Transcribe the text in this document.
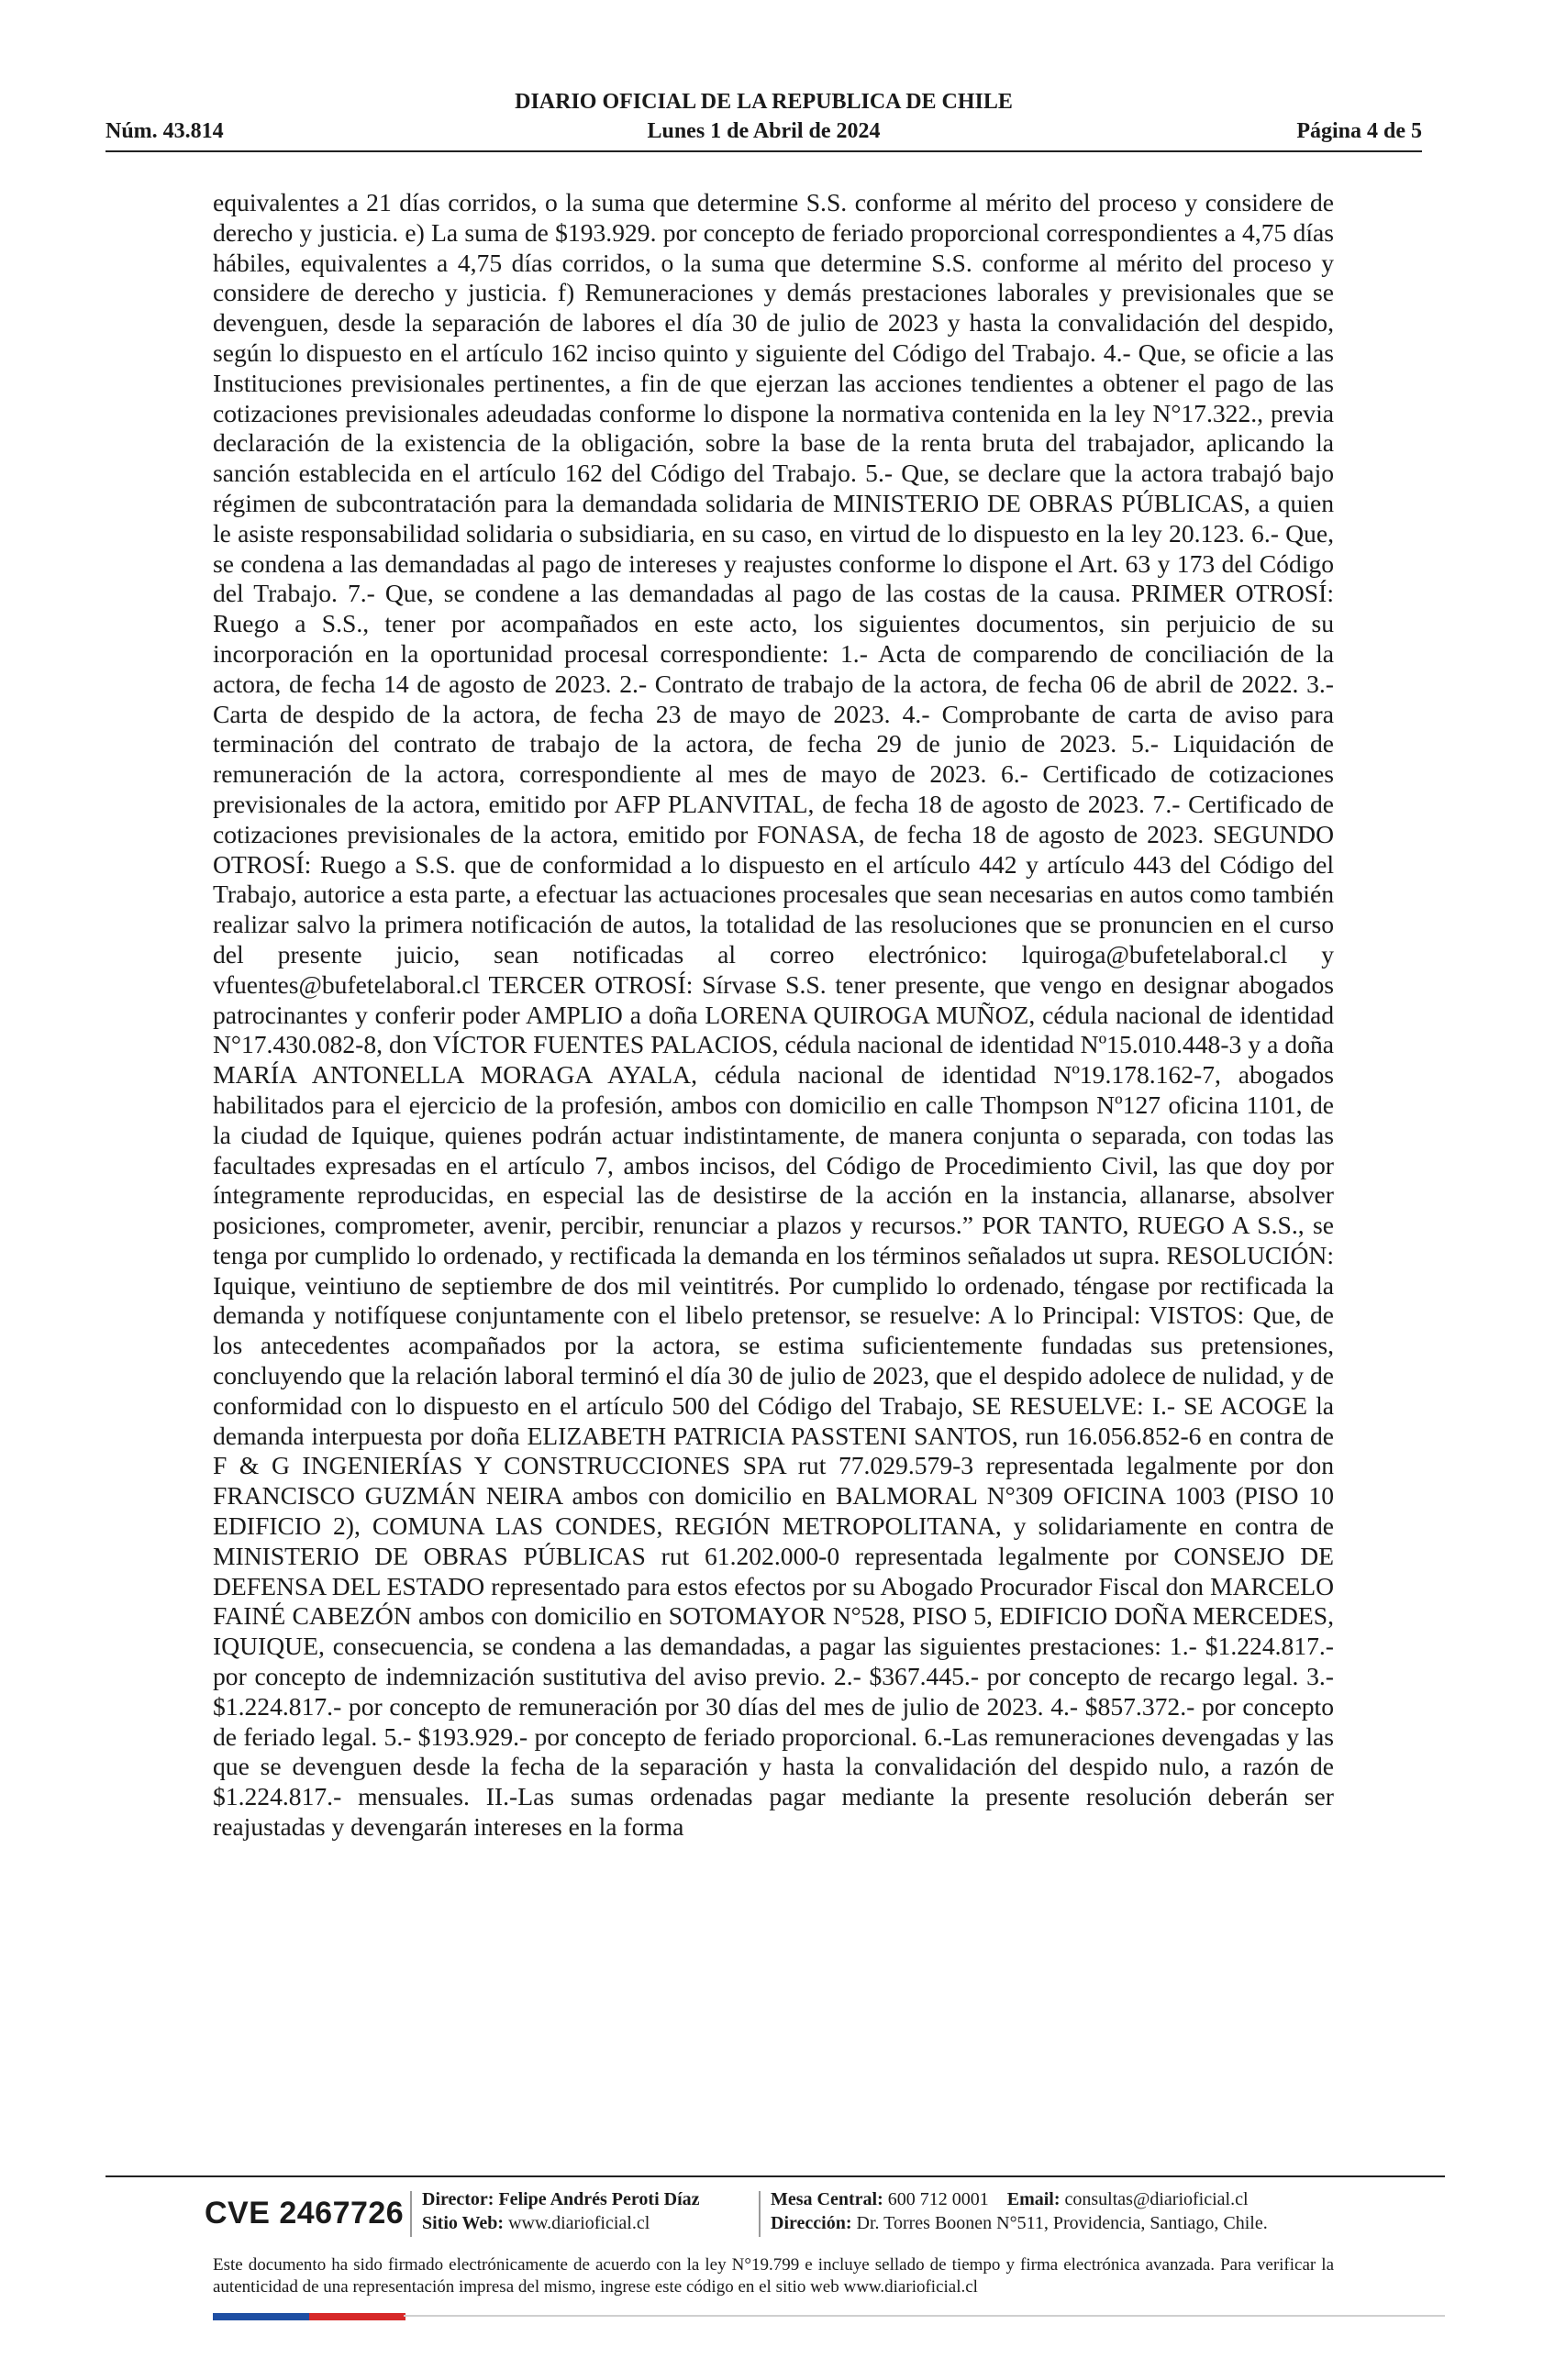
DIARIO OFICIAL DE LA REPUBLICA DE CHILE
Núm. 43.814	Lunes 1 de Abril de 2024	Página 4 de 5

equivalentes a 21 días corridos, o la suma que determine S.S. conforme al mérito del proceso y considere de derecho y justicia. e) La suma de $193.929. por concepto de feriado proporcional correspondientes a 4,75 días hábiles, equivalentes a 4,75 días corridos, o la suma que determine S.S. conforme al mérito del proceso y considere de derecho y justicia. f) Remuneraciones y demás prestaciones laborales y previsionales que se devenguen, desde la separación de labores el día 30 de julio de 2023 y hasta la convalidación del despido, según lo dispuesto en el artículo 162 inciso quinto y siguiente del Código del Trabajo. 4.- Que, se oficie a las Instituciones previsionales pertinentes, a fin de que ejerzan las acciones tendientes a obtener el pago de las cotizaciones previsionales adeudadas conforme lo dispone la normativa contenida en la ley N°17.322., previa declaración de la existencia de la obligación, sobre la base de la renta bruta del trabajador, aplicando la sanción establecida en el artículo 162 del Código del Trabajo. 5.- Que, se declare que la actora trabajó bajo régimen de subcontratación para la demandada solidaria de MINISTERIO DE OBRAS PÚBLICAS, a quien le asiste responsabilidad solidaria o subsidiaria, en su caso, en virtud de lo dispuesto en la ley 20.123. 6.- Que, se condena a las demandadas al pago de intereses y reajustes conforme lo dispone el Art. 63 y 173 del Código del Trabajo. 7.- Que, se condene a las demandadas al pago de las costas de la causa. PRIMER OTROSÍ: Ruego a S.S., tener por acompañados en este acto, los siguientes documentos, sin perjuicio de su incorporación en la oportunidad procesal correspondiente: 1.- Acta de comparendo de conciliación de la actora, de fecha 14 de agosto de 2023. 2.- Contrato de trabajo de la actora, de fecha 06 de abril de 2022. 3.- Carta de despido de la actora, de fecha 23 de mayo de 2023. 4.- Comprobante de carta de aviso para terminación del contrato de trabajo de la actora, de fecha 29 de junio de 2023. 5.- Liquidación de remuneración de la actora, correspondiente al mes de mayo de 2023. 6.- Certificado de cotizaciones previsionales de la actora, emitido por AFP PLANVITAL, de fecha 18 de agosto de 2023. 7.- Certificado de cotizaciones previsionales de la actora, emitido por FONASA, de fecha 18 de agosto de 2023. SEGUNDO OTROSÍ: Ruego a S.S. que de conformidad a lo dispuesto en el artículo 442 y artículo 443 del Código del Trabajo, autorice a esta parte, a efectuar las actuaciones procesales que sean necesarias en autos como también realizar salvo la primera notificación de autos, la totalidad de las resoluciones que se pronuncien en el curso del presente juicio, sean notificadas al correo electrónico: lquiroga@bufetelaboral.cl y vfuentes@bufetelaboral.cl TERCER OTROSÍ: Sírvase S.S. tener presente, que vengo en designar abogados patrocinantes y conferir poder AMPLIO a doña LORENA QUIROGA MUÑOZ, cédula nacional de identidad N°17.430.082-8, don VÍCTOR FUENTES PALACIOS, cédula nacional de identidad Nº15.010.448-3 y a doña MARÍA ANTONELLA MORAGA AYALA, cédula nacional de identidad Nº19.178.162-7, abogados habilitados para el ejercicio de la profesión, ambos con domicilio en calle Thompson Nº127 oficina 1101, de la ciudad de Iquique, quienes podrán actuar indistintamente, de manera conjunta o separada, con todas las facultades expresadas en el artículo 7, ambos incisos, del Código de Procedimiento Civil, las que doy por íntegramente reproducidas, en especial las de desistirse de la acción en la instancia, allanarse, absolver posiciones, comprometer, avenir, percibir, renunciar a plazos y recursos.” POR TANTO, RUEGO A S.S., se tenga por cumplido lo ordenado, y rectificada la demanda en los términos señalados ut supra. RESOLUCIÓN: Iquique, veintiuno de septiembre de dos mil veintitrés. Por cumplido lo ordenado, téngase por rectificada la demanda y notifíquese conjuntamente con el libelo pretensor, se resuelve: A lo Principal: VISTOS: Que, de los antecedentes acompañados por la actora, se estima suficientemente fundadas sus pretensiones, concluyendo que la relación laboral terminó el día 30 de julio de 2023, que el despido adolece de nulidad, y de conformidad con lo dispuesto en el artículo 500 del Código del Trabajo, SE RESUELVE: I.- SE ACOGE la demanda interpuesta por doña ELIZABETH PATRICIA PASSTENI SANTOS, run 16.056.852-6 en contra de F & G INGENIERÍAS Y CONSTRUCCIONES SPA rut 77.029.579-3 representada legalmente por don FRANCISCO GUZMÁN NEIRA ambos con domicilio en BALMORAL N°309 OFICINA 1003 (PISO 10 EDIFICIO 2), COMUNA LAS CONDES, REGIÓN METROPOLITANA, y solidariamente en contra de MINISTERIO DE OBRAS PÚBLICAS rut 61.202.000-0 representada legalmente por CONSEJO DE DEFENSA DEL ESTADO representado para estos efectos por su Abogado Procurador Fiscal don MARCELO FAINÉ CABEZÓN ambos con domicilio en SOTOMAYOR N°528, PISO 5, EDIFICIO DOÑA MERCEDES, IQUIQUE, consecuencia, se condena a las demandadas, a pagar las siguientes prestaciones: 1.- $1.224.817.- por concepto de indemnización sustitutiva del aviso previo. 2.- $367.445.- por concepto de recargo legal. 3.- $1.224.817.- por concepto de remuneración por 30 días del mes de julio de 2023. 4.- $857.372.- por concepto de feriado legal. 5.- $193.929.- por concepto de feriado proporcional. 6.-Las remuneraciones devengadas y las que se devenguen desde la fecha de la separación y hasta la convalidación del despido nulo, a razón de $1.224.817.- mensuales. II.-Las sumas ordenadas pagar mediante la presente resolución deberán ser reajustadas y devengarán intereses en la forma

CVE 2467726 Director: Felipe Andrés Peroti Díaz
Sitio Web: www.diarioficial.cl
Mesa Central: 600 712 0001 Email: consultas@diarioficial.cl
Dirección: Dr. Torres Boonen N°511, Providencia, Santiago, Chile.
Este documento ha sido firmado electrónicamente de acuerdo con la ley N°19.799 e incluye sellado de tiempo y firma electrónica avanzada. Para verificar la autenticidad de una representación impresa del mismo, ingrese este código en el sitio web www.diarioficial.cl
